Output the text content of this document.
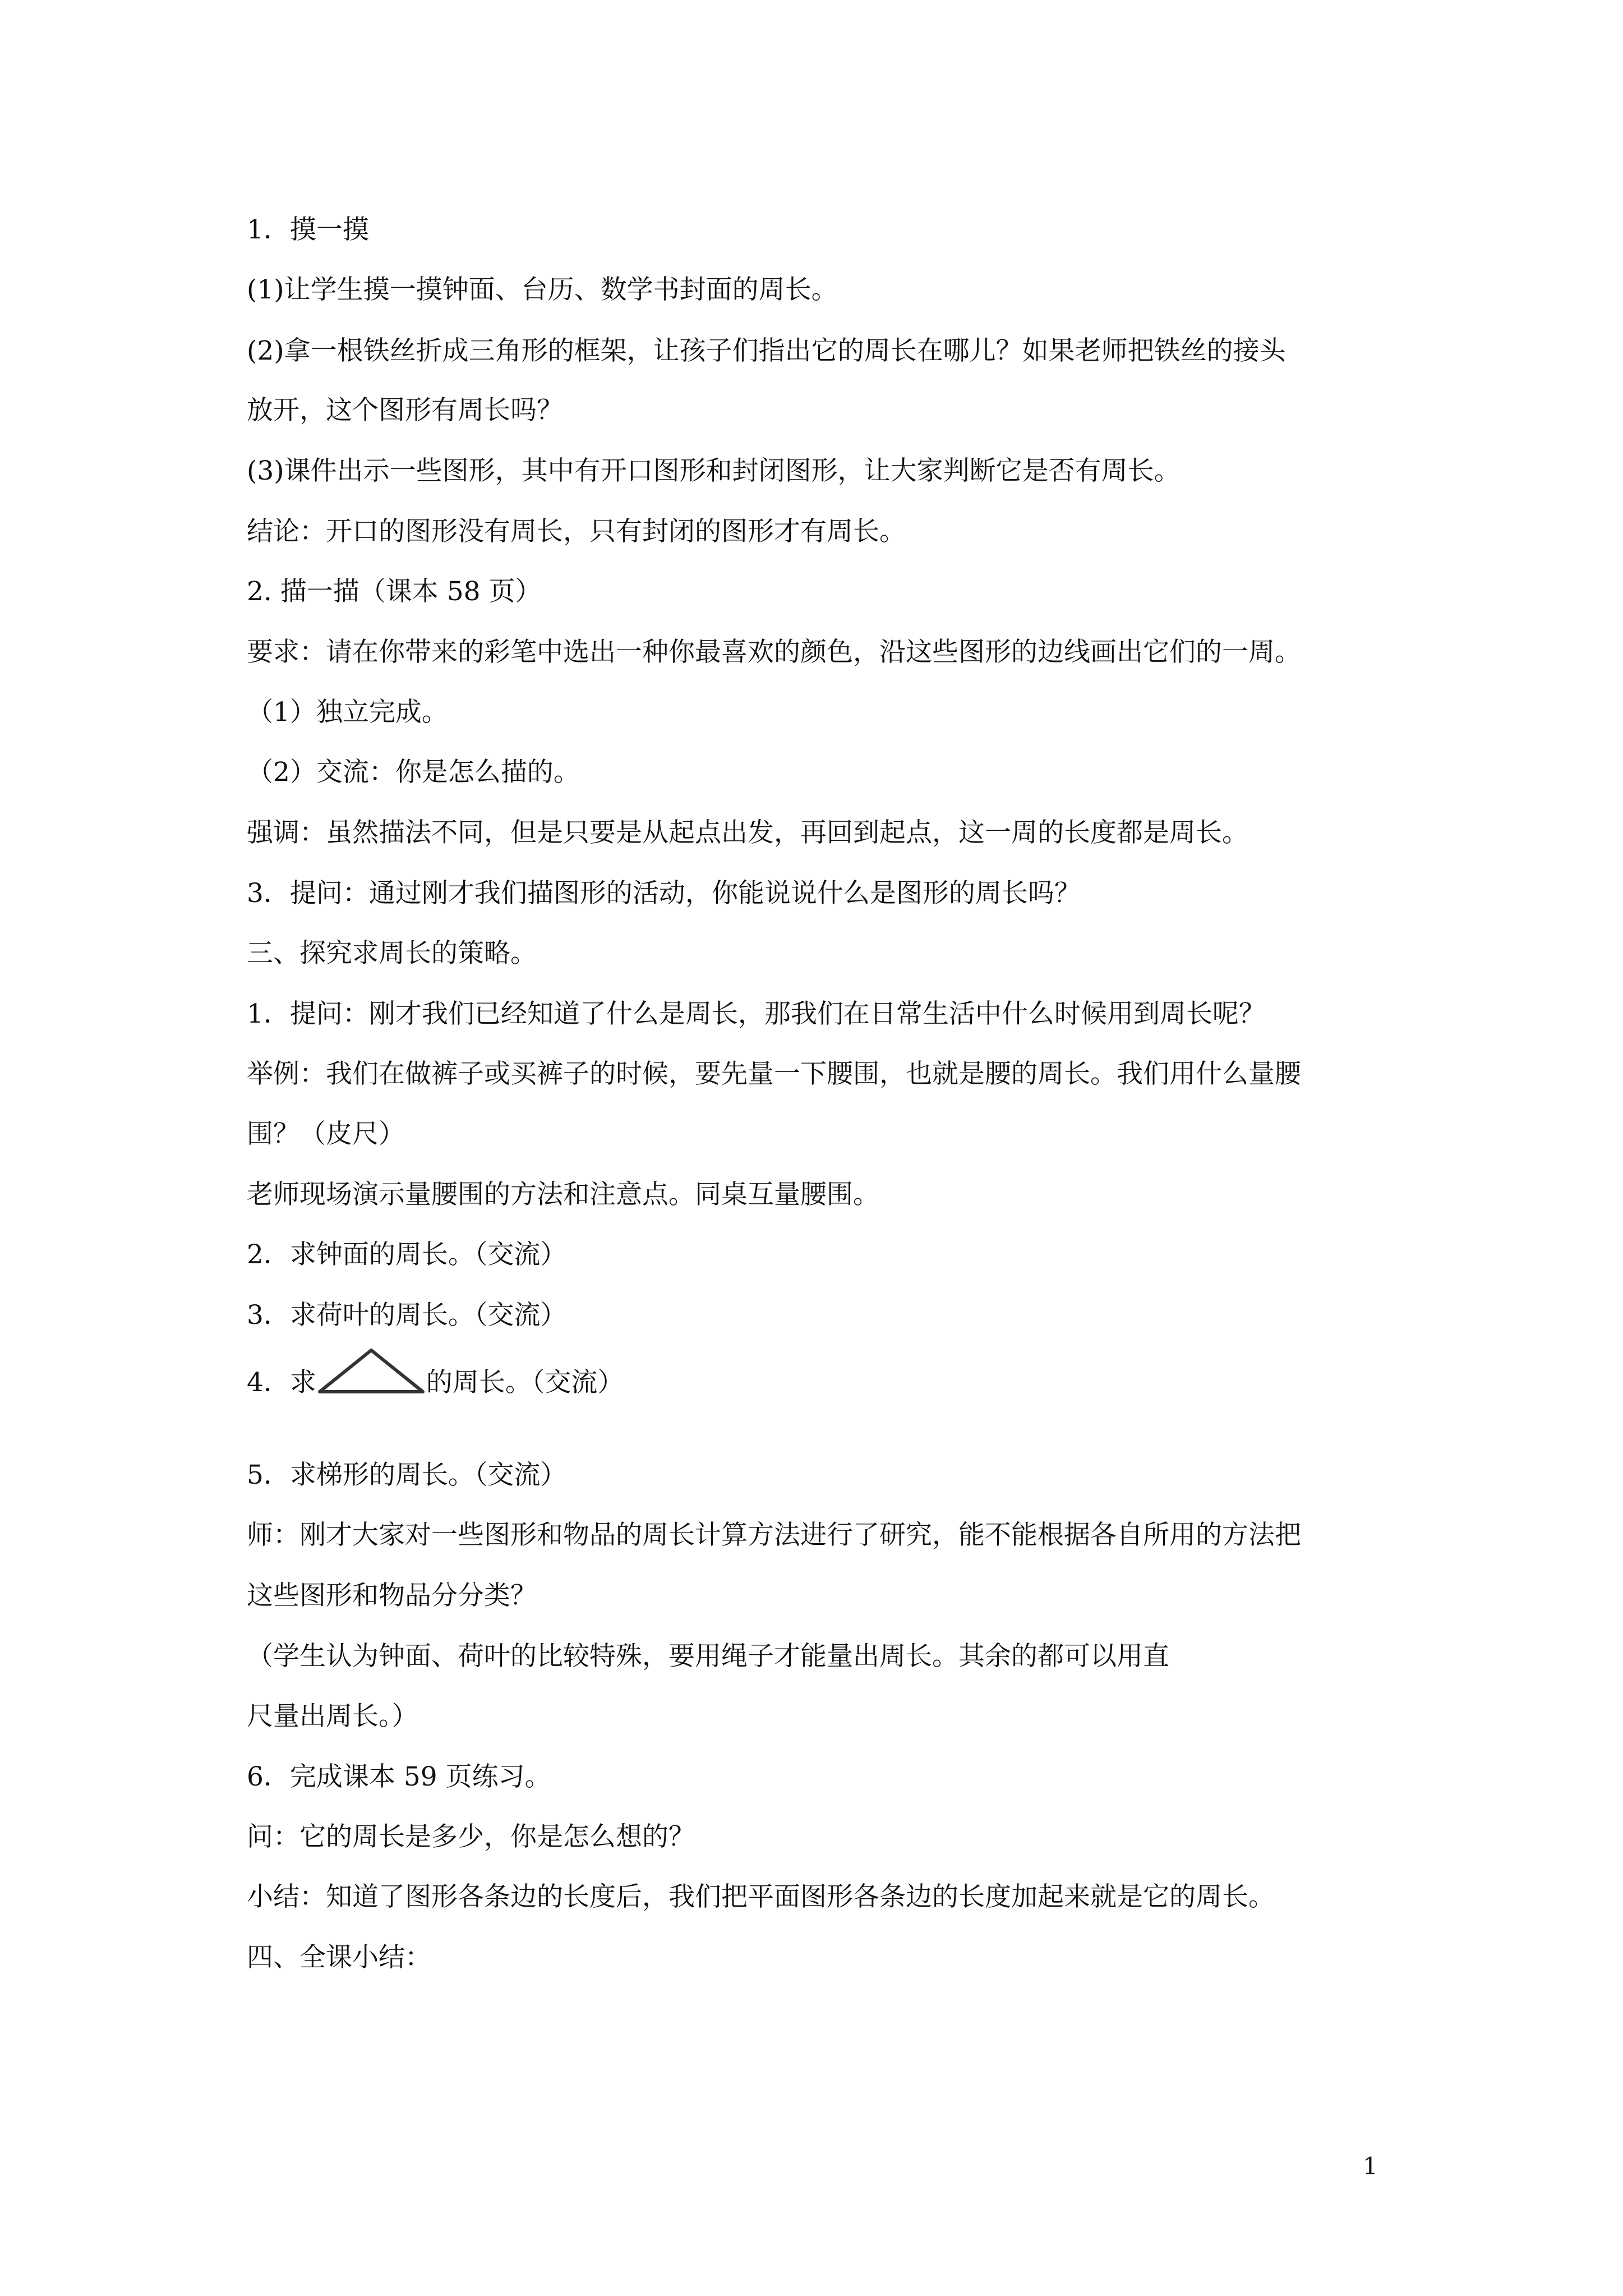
1．摸一摸
(1)让学生摸一摸钟面、台历、数学书封面的周长。
(2)拿一根铁丝折成三角形的框架，让孩子们指出它的周长在哪儿？如果老师把铁丝的接头
放开，这个图形有周长吗？
(3)课件出示一些图形，其中有开口图形和封闭图形，让大家判断它是否有周长。
结论：开口的图形没有周长，只有封闭的图形才有周长。
2. 描一描（课本 58 页）
要求：请在你带来的彩笔中选出一种你最喜欢的颜色，沿这些图形的边线画出它们的一周。
（1）独立完成。
（2）交流：你是怎么描的。
强调：虽然描法不同，但是只要是从起点出发，再回到起点，这一周的长度都是周长。
3．提问：通过刚才我们描图形的活动，你能说说什么是图形的周长吗？
三、探究求周长的策略。
1．提问：刚才我们已经知道了什么是周长，那我们在日常生活中什么时候用到周长呢？
举例：我们在做裤子或买裤子的时候，要先量一下腰围，也就是腰的周长。我们用什么量腰
围？（皮尺）
老师现场演示量腰围的方法和注意点。同桌互量腰围。
2．求钟面的周长。（交流）
3．求荷叶的周长。（交流）
4．求	的周长。（交流）
5．求梯形的周长。（交流）
师：刚才大家对一些图形和物品的周长计算方法进行了研究，能不能根据各自所用的方法把
这些图形和物品分分类？
（学生认为钟面、荷叶的比较特殊，要用绳子才能量出周长。其余的都可以用直
尺量出周长。）
6．完成课本 59 页练习。
问：它的周长是多少，你是怎么想的？
小结：知道了图形各条边的长度后，我们把平面图形各条边的长度加起来就是它的周长。
四、全课小结：
1
